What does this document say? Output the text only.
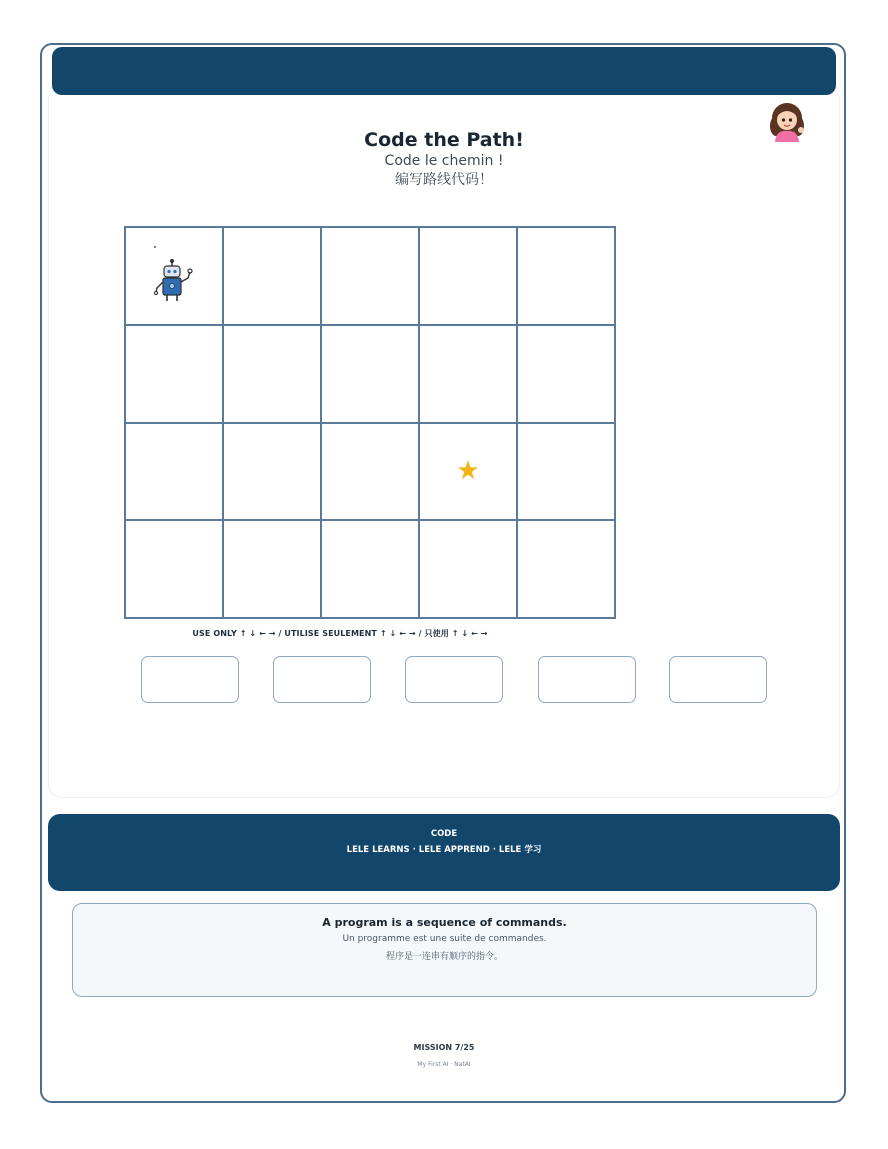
Code the Path!
Code le chemin !
编写路线代码！
★
USE ONLY ↑ ↓ ← → / UTILISE SEULEMENT ↑ ↓ ← → / 只使用 ↑ ↓ ← →
CODE
LELE LEARNS · LELE APPREND · LELE 学习
A program is a sequence of commands.
Un programme est une suite de commandes.
程序是一连串有顺序的指令。
MISSION 7/25
My First AI · NatAI
